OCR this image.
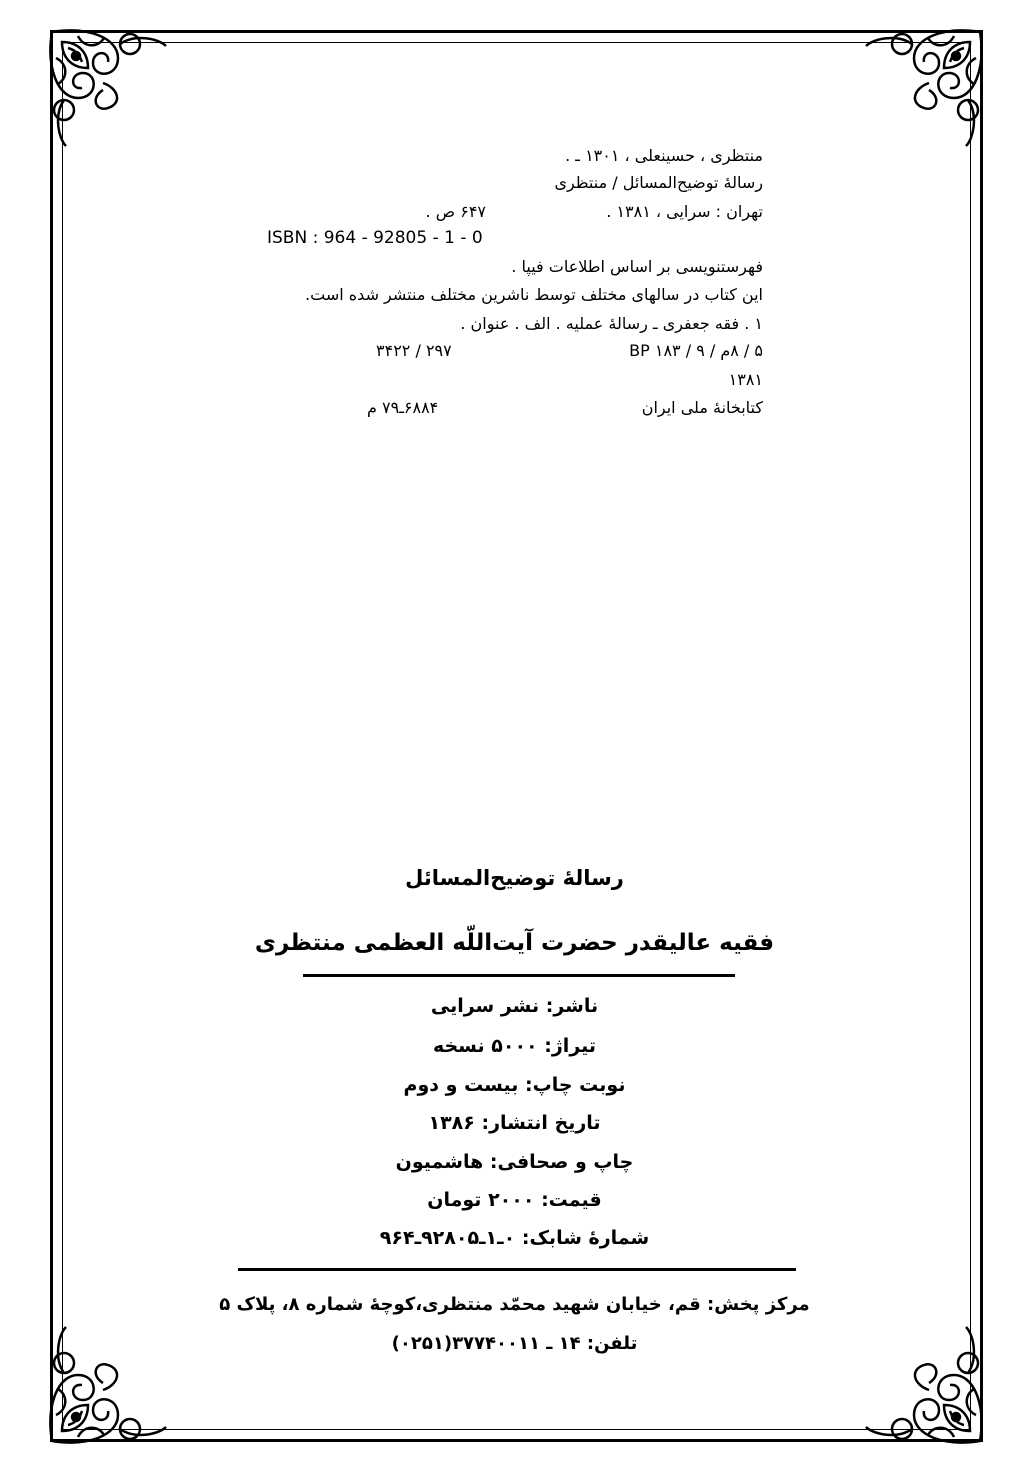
منتظری ، حسینعلی ، ۱۳۰۱ ـ .
رسالهٔ توضیح‌المسائل / منتظری
تهران : سرایی ، ۱۳۸۱ .
۶۴۷ ص .
ISBN : 964 - 92805 - 1 - 0
فهرستنویسی بر اساس اطلاعات فیپا .
این کتاب در سالهای مختلف توسط ناشرین مختلف منتشر شده است.
۱ . فقه جعفری ـ رسالهٔ عملیه . الف . عنوان .
۵ / ۸م / ۹ / ۱۸۳ BP
۲۹۷ / ۳۴۲۲
۱۳۸۱
کتابخانهٔ ملی ایران
۶۸۸۴ـ۷۹ م
رسالهٔ توضیح‌المسائل
فقیه عالیقدر حضرت آیت‌اللّه العظمی منتظری
ناشر: نشر سرایی
تیراژ: ۵۰۰۰ نسخه
نوبت چاپ: بیست و دوم
تاریخ انتشار: ۱۳۸۶
چاپ و صحافی: هاشمیون
قیمت: ۲۰۰۰ تومان
شمارهٔ شابک: ۰ـ۱ـ۹۲۸۰۵ـ۹۶۴
مرکز پخش: قم، خیابان شهید محمّد منتظری،کوچهٔ شماره ۸، پلاک ۵
تلفن: ۱۴ ـ ۳۷۷۴۰۰۱۱(۰۲۵۱)
